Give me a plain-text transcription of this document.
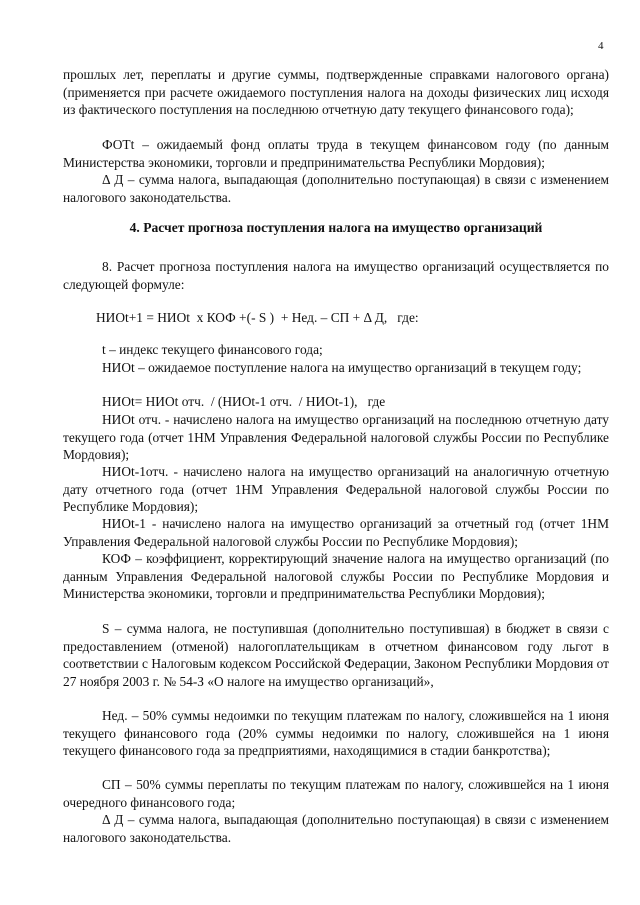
4

прошлых лет, переплаты и другие суммы, подтвержденные справками налогового органа) (применяется при расчете ожидаемого поступления налога на доходы физических лиц исходя из фактического поступления на последнюю отчетную дату текущего финансового года);

ФОТt – ожидаемый фонд оплаты труда в текущем финансовом году (по данным Министерства экономики, торговли и предпринимательства Республики Мордовия);

Δ Д – сумма налога, выпадающая (дополнительно поступающая) в связи с изменением налогового законодательства.

4. Расчет прогноза поступления налога на имущество организаций

8. Расчет прогноза поступления налога на имущество организаций осуществляется по следующей формуле:

НИОt+1 = НИОt  х КОФ +(- S )  + Нед. – СП + Δ Д,   где:

t – индекс текущего финансового года;

НИОt – ожидаемое поступление налога на имущество организаций в текущем году;

НИОt= НИОt отч.  / (НИОt-1 отч.  / НИОt-1),   где

НИОt отч. - начислено налога на имущество организаций на последнюю отчетную дату текущего года (отчет 1НМ Управления Федеральной налоговой службы России по Республике Мордовия);

НИОt-1отч. - начислено налога на имущество организаций на аналогичную отчетную дату отчетного года (отчет 1НМ Управления Федеральной налоговой службы России по Республике Мордовия);

НИОt-1 - начислено налога на имущество организаций за отчетный год (отчет 1НМ Управления Федеральной налоговой службы России по Республике Мордовия);

КОФ – коэффициент, корректирующий значение налога на имущество организаций (по данным Управления Федеральной налоговой службы России по Республике Мордовия и Министерства экономики, торговли и предпринимательства Республики Мордовия);

S – сумма налога, не поступившая (дополнительно поступившая) в бюджет в связи с предоставлением (отменой) налогоплательщикам в отчетном финансовом году льгот в соответствии с Налоговым кодексом Российской Федерации, Законом Республики Мордовия от 27 ноября 2003 г. № 54-З «О налоге на имущество организаций»,

Нед. – 50% суммы недоимки по текущим платежам по налогу, сложившейся на 1 июня текущего финансового года (20% суммы недоимки по налогу, сложившейся на 1 июня текущего финансового года за предприятиями, находящимися в стадии банкротства);

СП – 50% суммы переплаты по текущим платежам по налогу, сложившейся на 1 июня очередного финансового года;

Δ Д – сумма налога, выпадающая (дополнительно поступающая) в связи с изменением налогового законодательства.
